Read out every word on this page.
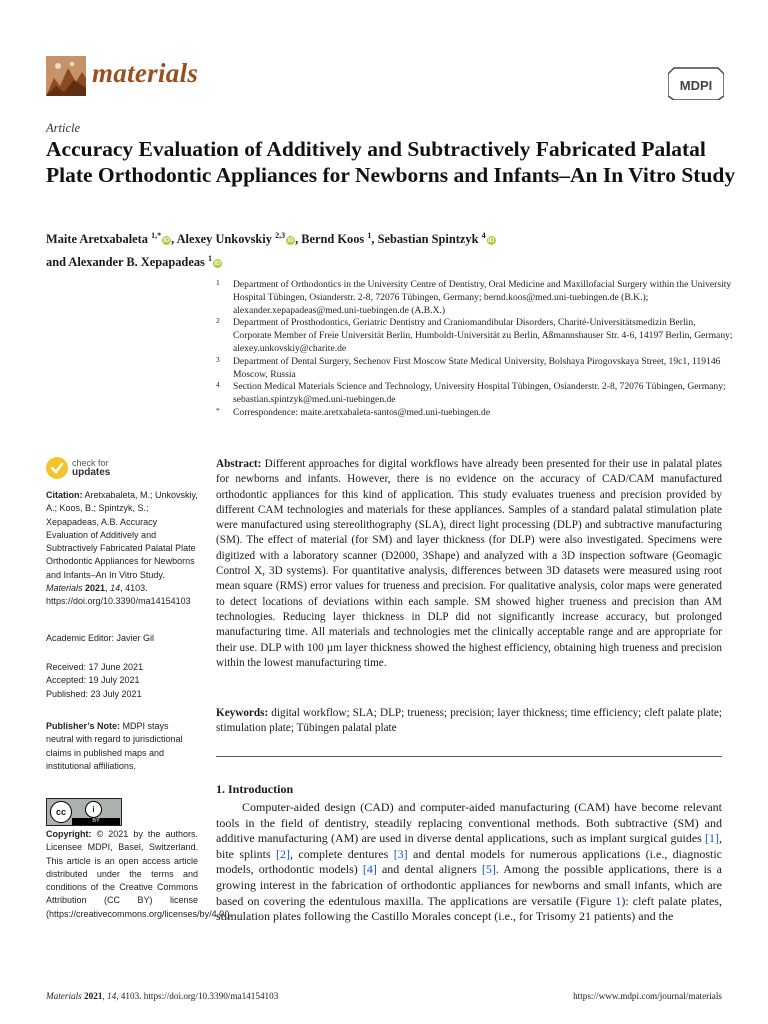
materials	MDPI
Article
Accuracy Evaluation of Additively and Subtractively Fabricated Palatal Plate Orthodontic Appliances for Newborns and Infants–An In Vitro Study
Maite Aretxabaleta $^{1,*}$iD, Alexey Unkovskiy $^{2,3}$iD, Bernd Koos $^1$, Sebastian Spintzyk $^4$iD
and Alexander B. Xepapadeas $^1$iD
1 Department of Orthodontics in the University Centre of Dentistry, Oral Medicine and Maxillofacial Surgery within the University Hospital Tübingen, Osianderstr. 2-8, 72076 Tübingen, Germany; bernd.koos@med.uni-tuebingen.de (B.K.); alexander.xepapadeas@med.uni-tuebingen.de (A.B.X.)
2 Department of Prosthodontics, Geriatric Dentistry and Craniomandibular Disorders, Charité-Universitätsmedizin Berlin, Corporate Member of Freie Universität Berlin, Humboldt-Universität zu Berlin, Aßmannshauser Str. 4-6, 14197 Berlin, Germany; alexey.unkovskiy@charite.de
3 Department of Dental Surgery, Sechenov First Moscow State Medical University, Bolshaya Pirogovskaya Street, 19c1, 119146 Moscow, Russia
4 Section Medical Materials Science and Technology, University Hospital Tübingen, Osianderstr. 2-8, 72076 Tübingen, Germany; sebastian.spintzyk@med.uni-tuebingen.de
* Correspondence: maite.aretxabaleta-santos@med.uni-tuebingen.de
check for
updates
Citation: Aretxabaleta, M.; Unkovskiy, A.; Koos, B.; Spintzyk, S.; Xepapadeas, A.B. Accuracy Evaluation of Additively and Subtractively Fabricated Palatal Plate Orthodontic Appliances for Newborns and Infants–An In Vitro Study. Materials 2021, 14, 4103. https://doi.org/10.3390/ma14154103
Academic Editor: Javier Gil
Received: 17 June 2021
Accepted: 19 July 2021
Published: 23 July 2021
Publisher’s Note: MDPI stays neutral with regard to jurisdictional claims in published maps and institutional affiliations.
cc	i
BY
Copyright: © 2021 by the authors. Licensee MDPI, Basel, Switzerland. This article is an open access article distributed under the terms and conditions of the Creative Commons Attribution (CC BY) license (https://creativecommons.org/licenses/by/4.0/).
Abstract: Different approaches for digital workflows have already been presented for their use in palatal plates for newborns and infants. However, there is no evidence on the accuracy of CAD/CAM manufactured orthodontic appliances for this kind of application. This study evaluates trueness and precision provided by different CAM technologies and materials for these appliances. Samples of a standard palatal stimulation plate were manufactured using stereolithography (SLA), direct light processing (DLP) and subtractive manufacturing (SM). The effect of material (for SM) and layer thickness (for DLP) were also investigated. Specimens were digitized with a laboratory scanner (D2000, 3Shape) and analyzed with a 3D inspection software (Geomagic Control X, 3D systems). For quantitative analysis, differences between 3D datasets were measured using root mean square (RMS) error values for trueness and precision. For qualitative analysis, color maps were generated to detect locations of deviations within each sample. SM showed higher trueness and precision than AM technologies. Reducing layer thickness in DLP did not significantly increase accuracy, but prolonged manufacturing time. All materials and technologies met the clinically acceptable range and are appropriate for their use. DLP with 100 µm layer thickness showed the highest efficiency, obtaining high trueness and precision within the lowest manufacturing time.
Keywords: digital workflow; SLA; DLP; trueness; precision; layer thickness; time efficiency; cleft palate plate; stimulation plate; Tübingen palatal plate
1. Introduction
Computer-aided design (CAD) and computer-aided manufacturing (CAM) have become relevant tools in the field of dentistry, steadily replacing conventional methods. Both subtractive (SM) and additive manufacturing (AM) are used in diverse dental applications, such as implant surgical guides [1], bite splints [2], complete dentures [3] and dental models for numerous applications (i.e., diagnostic models, orthodontic models) [4] and dental aligners [5]. Among the possible applications, there is a growing interest in the fabrication of orthodontic appliances for newborns and small infants, which are based on covering the edentulous maxilla. The applications are versatile (Figure 1): cleft palate plates, stimulation plates following the Castillo Morales concept (i.e., for Trisomy 21 patients) and the
Materials 2021, 14, 4103. https://doi.org/10.3390/ma14154103	https://www.mdpi.com/journal/materials
